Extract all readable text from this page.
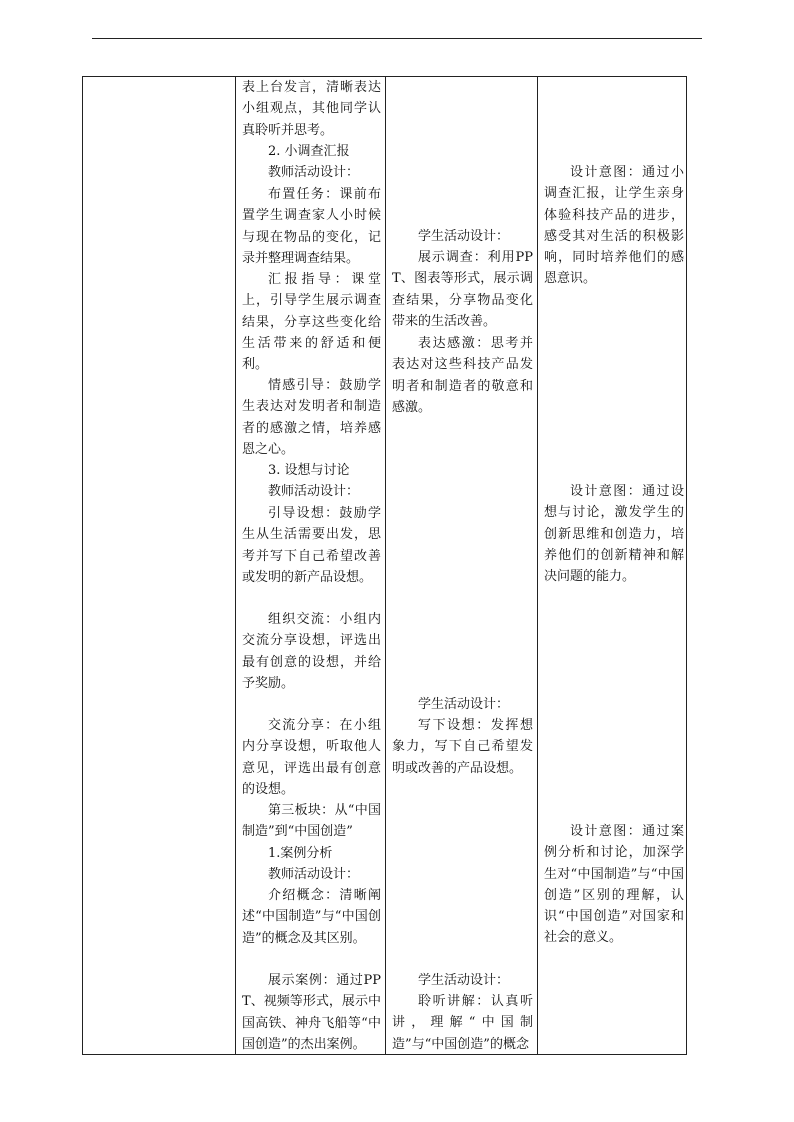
表上台发言，清晰表达小组观点，其他同学认真聆听并思考。

2. 小调查汇报

教师活动设计：

布置任务：课前布置学生调查家人小时候与现在物品的变化，记录并整理调查结果。

汇报指导：课堂上，引导学生展示调查结果，分享这些变化给生活带来的舒适和便利。

情感引导：鼓励学生表达对发明者和制造者的感激之情，培养感恩之心。

3. 设想与讨论

教师活动设计：

引导设想：鼓励学生从生活需要出发，思考并写下自己希望改善或发明的新产品设想。

组织交流：小组内交流分享设想，评选出最有创意的设想，并给予奖励。

交流分享：在小组内分享设想，听取他人意见，评选出最有创意的设想。

第三板块：从“中国制造”到“中国创造”

1.案例分析

教师活动设计：

介绍概念：清晰阐述“中国制造”与“中国创造”的概念及其区别。

展示案例：通过PPT、视频等形式，展示中国高铁、神舟飞船等“中国创造”的杰出案例。

学生活动设计：

展示调查：利用PPT、图表等形式，展示调查结果，分享物品变化带来的生活改善。

表达感激：思考并表达对这些科技产品发明者和制造者的敬意和感激。

学生活动设计：

写下设想：发挥想象力，写下自己希望发明或改善的产品设想。

学生活动设计：

聆听讲解：认真听讲，理解“中国制造”与“中国创造”的概念

设计意图：通过小调查汇报，让学生亲身体验科技产品的进步，感受其对生活的积极影响，同时培养他们的感恩意识。

设计意图：通过设想与讨论，激发学生的创新思维和创造力，培养他们的创新精神和解决问题的能力。

设计意图：通过案例分析和讨论，加深学生对“中国制造”与“中国创造”区别的理解，认识“中国创造”对国家和社会的意义。
